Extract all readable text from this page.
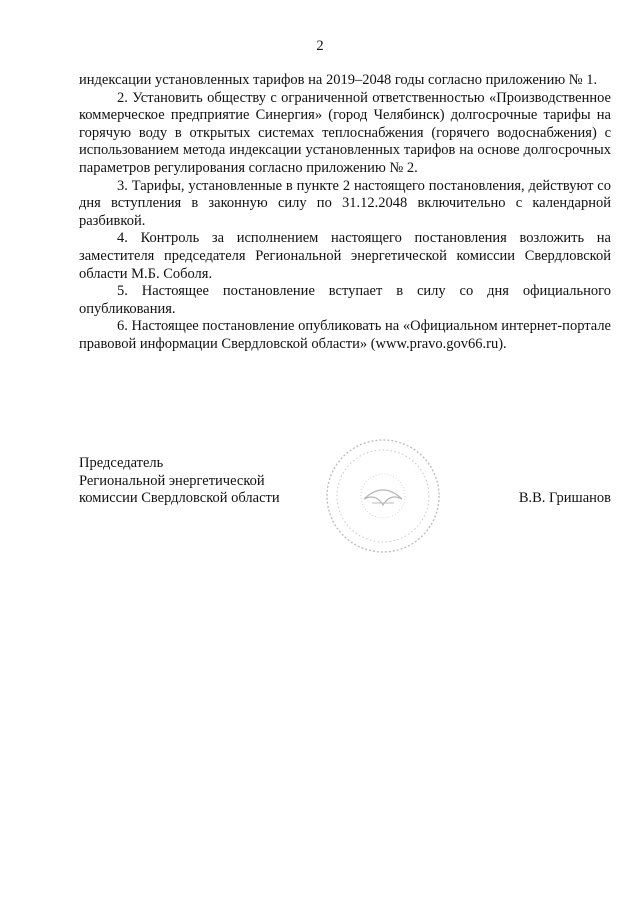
2

индексации установленных тарифов на 2019–2048 годы согласно приложению № 1.

2. Установить обществу с ограниченной ответственностью «Производственное коммерческое предприятие Синергия» (город Челябинск) долгосрочные тарифы на горячую воду в открытых системах теплоснабжения (горячего водоснабжения) с использованием метода индексации установленных тарифов на основе долгосрочных параметров регулирования согласно приложению № 2.

3. Тарифы, установленные в пункте 2 настоящего постановления, действуют со дня вступления в законную силу по 31.12.2048 включительно с календарной разбивкой.

4. Контроль за исполнением настоящего постановления возложить на заместителя председателя Региональной энергетической комиссии Свердловской области М.Б. Соболя.

5. Настоящее постановление вступает в силу со дня официального опубликования.

6. Настоящее постановление опубликовать на «Официальном интернет-портале правовой информации Свердловской области» (www.pravo.gov66.ru).

Председатель
Региональной энергетической
комиссии Свердловской области	В.В. Гришанов
